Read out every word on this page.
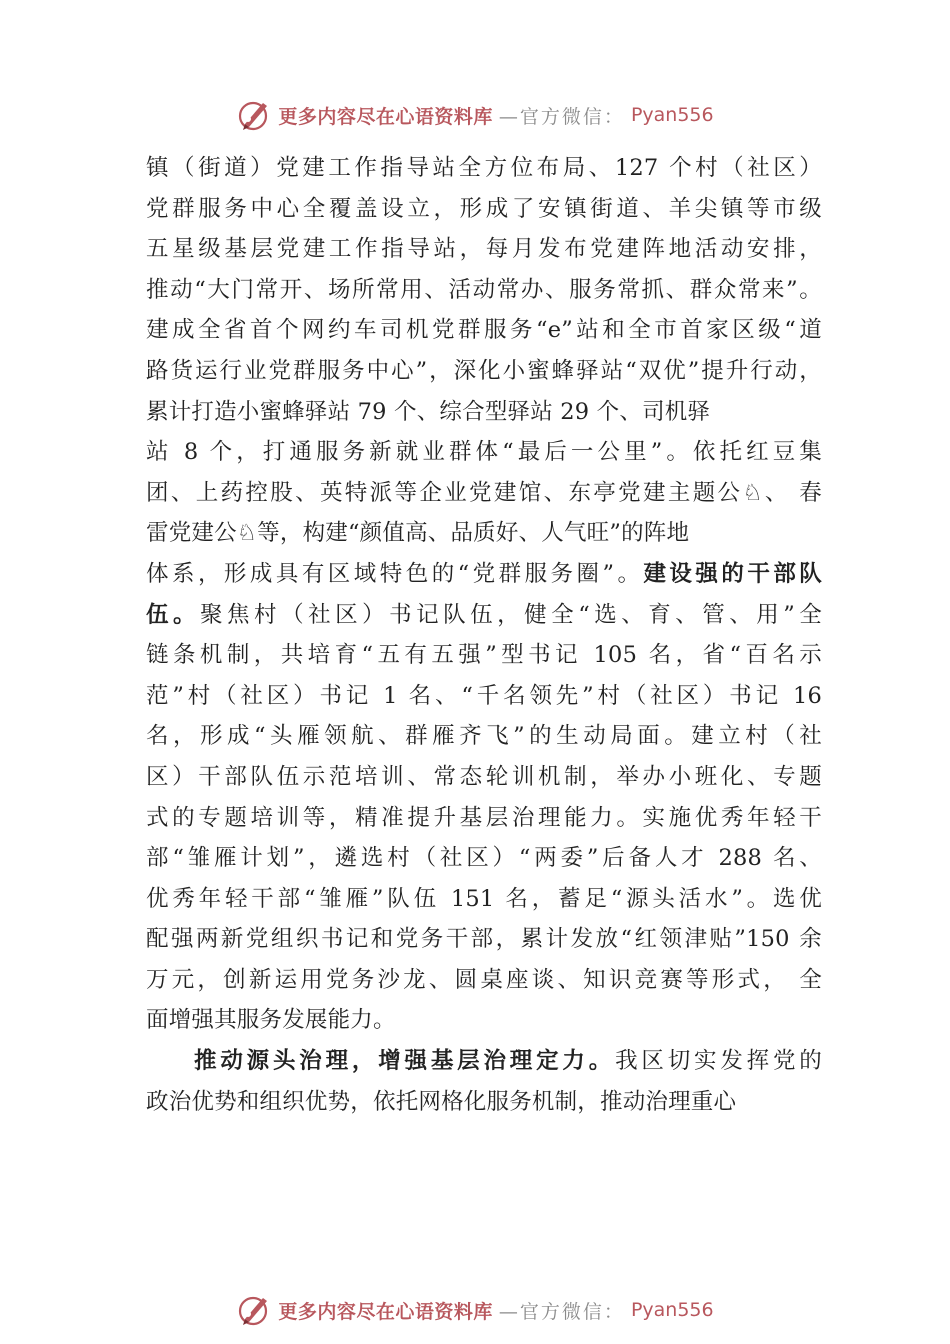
更多内容尽在心语资料库 —官方微信： Pyan556
镇（街道）党建工作指导站全方位布局、127 个村（社区）
党群服务中心全覆盖设立，形成了安镇街道、羊尖镇等市级
五星级基层党建工作指导站，每月发布党建阵地活动安排，
推动“大门常开、场所常用、活动常办、服务常抓、群众常来”。
建成全省首个网约车司机党群服务“e”站和全市首家区级“道
路货运行业党群服务中心”，深化小蜜蜂驿站“双优”提升行动，
累计打造小蜜蜂驿站 79 个、综合型驿站 29 个、司机驿
站 8 个，打通服务新就业群体“最后一公里”。依托红豆集
团、上药控股、英特派等企业党建馆、东亭党建主题公♘、 春
雷党建公♘等，构建“颜值高、品质好、人气旺”的阵地
体系，形成具有区域特色的“党群服务圈”。建设强的干部队
伍。聚焦村（社区）书记队伍，健全“选、育、管、用”全
链条机制，共培育“五有五强”型书记 105 名，省“百名示
范”村（社区）书记 1 名、“千名领先”村（社区）书记 16
名，形成“头雁领航、群雁齐飞”的生动局面。建立村（社
区）干部队伍示范培训、常态轮训机制，举办小班化、专题
式的专题培训等，精准提升基层治理能力。实施优秀年轻干
部“雏雁计划”，遴选村（社区）“两委”后备人才 288 名、
优秀年轻干部“雏雁”队伍 151 名，蓄足“源头活水”。选优
配强两新党组织书记和党务干部，累计发放“红领津贴”150 余
万元，创新运用党务沙龙、圆桌座谈、知识竞赛等形式， 全
面增强其服务发展能力。
推动源头治理，增强基层治理定力。我区切实发挥党的
政治优势和组织优势，依托网格化服务机制，推动治理重心
更多内容尽在心语资料库 —官方微信： Pyan556
